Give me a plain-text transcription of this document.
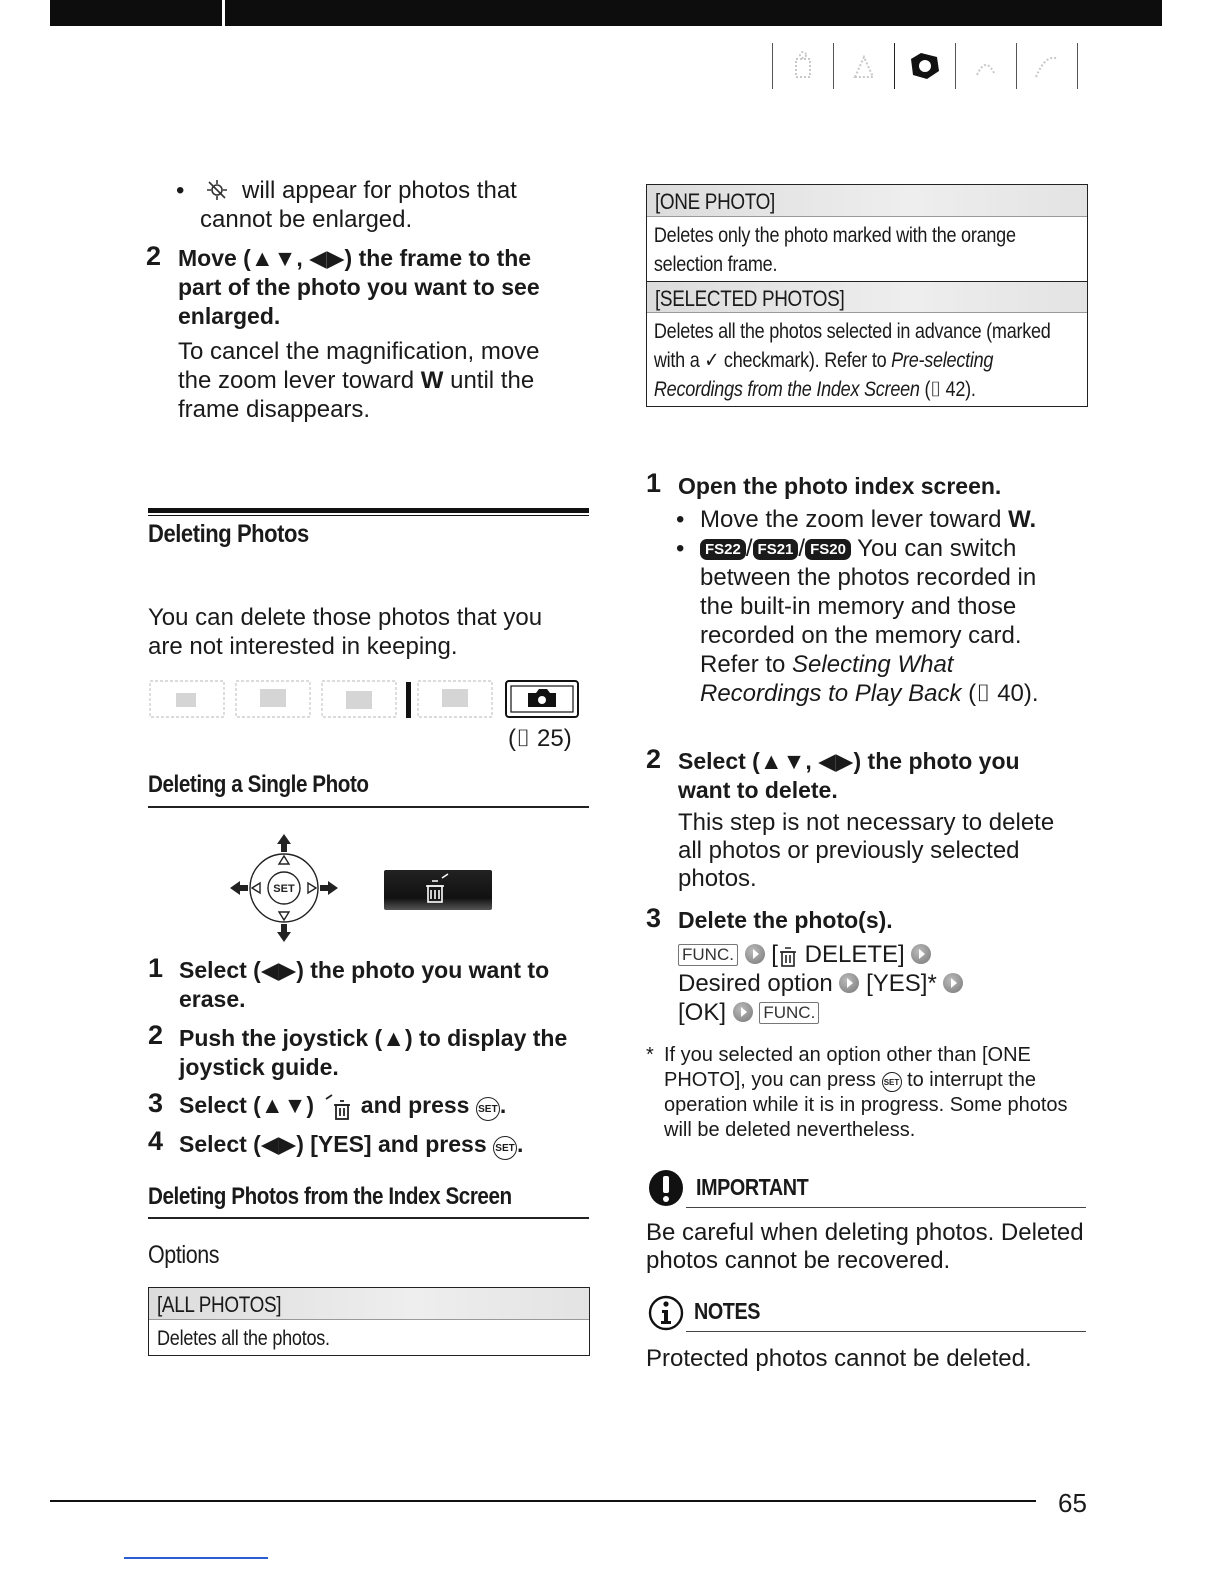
•	will appear for photos that cannot be enlarged.
2 Move (▲▼, ◀▶) the frame to the part of the photo you want to see enlarged.
To cancel the magnification, move the zoom lever toward W until the frame disappears.
Deleting Photos
You can delete those photos that you are not interested in keeping.
(⌷ 25)
Deleting a Single Photo
SET
1 Select (◀▶) the photo you want to erase.
2 Push the joystick (▲) to display the joystick guide.
3 Select (▲▼) and press SET.
4 Select (◀▶) [YES] and press SET.
Deleting Photos from the Index Screen
Options
[ALL PHOTOS]
Deletes all the photos.
[ONE PHOTO]
Deletes only the photo marked with the orange selection frame.
[SELECTED PHOTOS]
Deletes all the photos selected in advance (marked with a ✓ checkmark). Refer to Pre-selecting Recordings from the Index Screen (⌷ 42).
1 Open the photo index screen.
• Move the zoom lever toward W.
•	FS22 / FS21 / FS20 You can switch between the photos recorded in the built-in memory and those recorded on the memory card. Refer to Selecting What Recordings to Play Back (⌷ 40).
2 Select (▲▼, ◀▶) the photo you want to delete.
This step is not necessary to delete all photos or previously selected photos.
3 Delete the photo(s).
FUNC.  [ DELETE]
Desired option [YES]*
[OK] FUNC.
* If you selected an option other than [ONE PHOTO], you can press SET to interrupt the operation while it is in progress. Some photos will be deleted nevertheless.
IMPORTANT
Be careful when deleting photos. Deleted photos cannot be recovered.
NOTES
Protected photos cannot be deleted.
65
